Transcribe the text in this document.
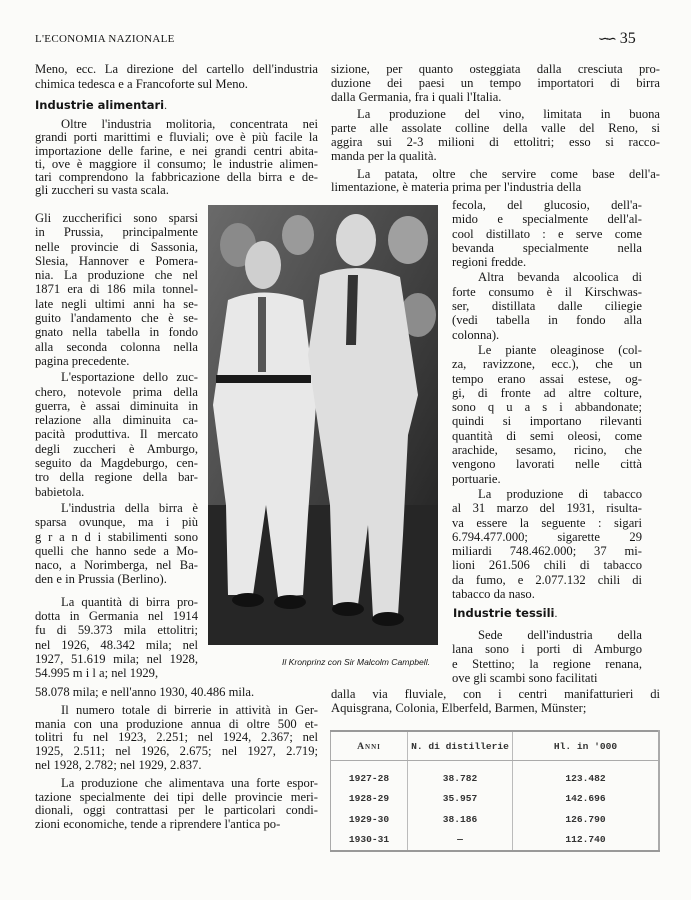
L'ECONOMIA NAZIONALE	∽∽ 35
Meno, ecc. La direzione del cartello dell'industria
chimica tedesca e a Francoforte sul Meno.
Industrie alimentari.
Oltre l'industria molitoria, concentrata nei
grandi porti marittimi e fluviali; ove è più facile la
importazione delle farine, e nei grandi centri abita-
ti, ove è maggiore il consumo; le industrie alimen-
tari comprendono la fabbricazione della birra e de-
gli zuccheri su vasta scala.
Gli zuccherifici sono sparsi
in Prussia, principalmente
nelle provincie di Sassonia,
Slesia, Hannover e Pomera-
nia. La produzione che nel
1871 era di 186 mila tonnel-
late negli ultimi anni ha se-
guito l'andamento che è se-
gnato nella tabella in fondo
alla seconda colonna nella
pagina precedente.
L'esportazione dello zuc-
chero, notevole prima della
guerra, è assai diminuita in
relazione alla diminuita ca-
pacità produttiva. Il mercato
degli zuccheri è Amburgo,
seguito da Magdeburgo, cen-
tro della regione della bar-
babietola.
L'industria della birra è
sparsa ovunque, ma i più
g r a n d i stabilimenti sono
quelli che hanno sede a Mo-
naco, a Norimberga, nel Ba-
den e in Prussia (Berlino).
La quantità di birra pro-
dotta in Germania nel 1914
fu di 59.373 mila ettolitri;
nel 1926, 48.342 mila; nel
1927, 51.619 mila; nel 1928,
54.995 m i l a; nel 1929,
58.078 mila; e nell'anno 1930, 40.486 mila.
Il numero totale di birrerie in attività in Ger-
mania con una produzione annua di oltre 500 et-
tolitri fu nel 1923, 2.251; nel 1924, 2.367; nel
1925, 2.511; nel 1926, 2.675; nel 1927, 2.719;
nel 1928, 2.782; nel 1929, 2.837.
La produzione che alimentava una forte espor-
tazione specialmente dei tipi delle provincie meri-
dionali, oggi contrattasi per le particolari condi-
zioni economiche, tende a riprendere l'antica po-
sizione, per quanto osteggiata dalla cresciuta pro-
duzione dei paesi un tempo importatori di birra
dalla Germania, fra i quali l'Italia.
La produzione del vino, limitata in buona
parte alle assolate colline della valle del Reno, si
aggira sui 2-3 milioni di ettolitri; esso si racco-
manda per la qualità.
La patata, oltre che servire come base dell'a-
limentazione, è materia prima per l'industria della
fecola, del glucosio, dell'a-
mido e specialmente dell'al-
cool distillato : e serve come
bevanda specialmente nella
regioni fredde.
Altra bevanda alcoolica di
forte consumo è il Kirschwas-
ser, distillata dalle ciliegie
(vedi tabella in fondo alla
colonna).
Le piante oleaginose (col-
za, ravizzone, ecc.), che un
tempo erano assai estese, og-
gi, di fronte ad altre colture,
sono q u a s i abbandonate;
quindi si importano rilevanti
quantità di semi oleosi, come
arachide, sesamo, ricino, che
vengono lavorati nelle città
portuarie.
La produzione di tabacco
al 31 marzo del 1931, risulta-
va essere la seguente : sigari
6.794.477.000; sigarette 29
miliardi 748.462.000; 37 mi-
lioni 261.506 chili di tabacco
da fumo, e 2.077.132 chili di
tabacco da naso.
Industrie tessili.
Sede dell'industria della
lana sono i porti di Amburgo
e Stettino; la regione renana,
ove gli scambi sono facilitati
dalla via fluviale, con i centri manifatturieri di
Aquisgrana, Colonia, Elberfeld, Barmen, Münster;
Il Kronprinz con Sir Malcolm Campbell.
Anni	N. di distillerie	Hl. in '000
1927-28	38.782	123.482
1928-29	35.957	142.696
1929-30	38.186	126.790
1930-31	—	112.740
